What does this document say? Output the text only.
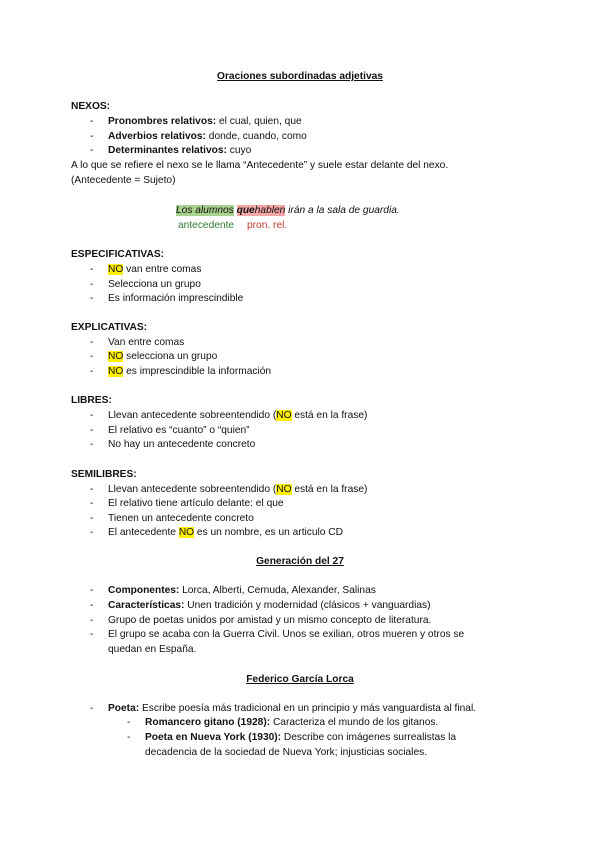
Oraciones subordinadas adjetivas
NEXOS:
- Pronombres relativos: el cual, quien, que
- Adverbios relativos: donde, cuando, como
- Determinantes relativos: cuyo
A lo que se refiere el nexo se le llama “Antecedente” y suele estar delante del nexo.
(Antecedente = Sujeto)
Los alumnos quehablen irán a la sala de guardia.
antecedente pron. rel.
ESPECIFICATIVAS:
- NO van entre comas
- Selecciona un grupo
- Es información imprescindible
EXPLICATIVAS:
- Van entre comas
- NO selecciona un grupo
- NO es imprescindible la información
LIBRES:
- Llevan antecedente sobreentendido (NO está en la frase)
- El relativo es “cuanto” o “quien”
- No hay un antecedente concreto
SEMILIBRES:
- Llevan antecedente sobreentendido (NO está en la frase)
- El relativo tiene artículo delante: el que
- Tienen un antecedente concreto
- El antecedente NO es un nombre, es un articulo CD
Generación del 27
- Componentes: Lorca, Alberti, Cernuda, Alexander, Salinas
- Características: Unen tradición y modernidad (clásicos + vanguardias)
- Grupo de poetas unidos por amistad y un mismo concepto de literatura.
- El grupo se acaba con la Guerra Civil. Unos se exilian, otros mueren y otros se
quedan en España.
Federico García Lorca
- Poeta: Escribe poesía más tradicional en un principio y más vanguardista al final.
- Romancero gitano (1928): Caracteriza el mundo de los gitanos.
- Poeta en Nueva York (1930): Describe con imágenes surrealistas la
decadencia de la sociedad de Nueva York; injusticias sociales.
